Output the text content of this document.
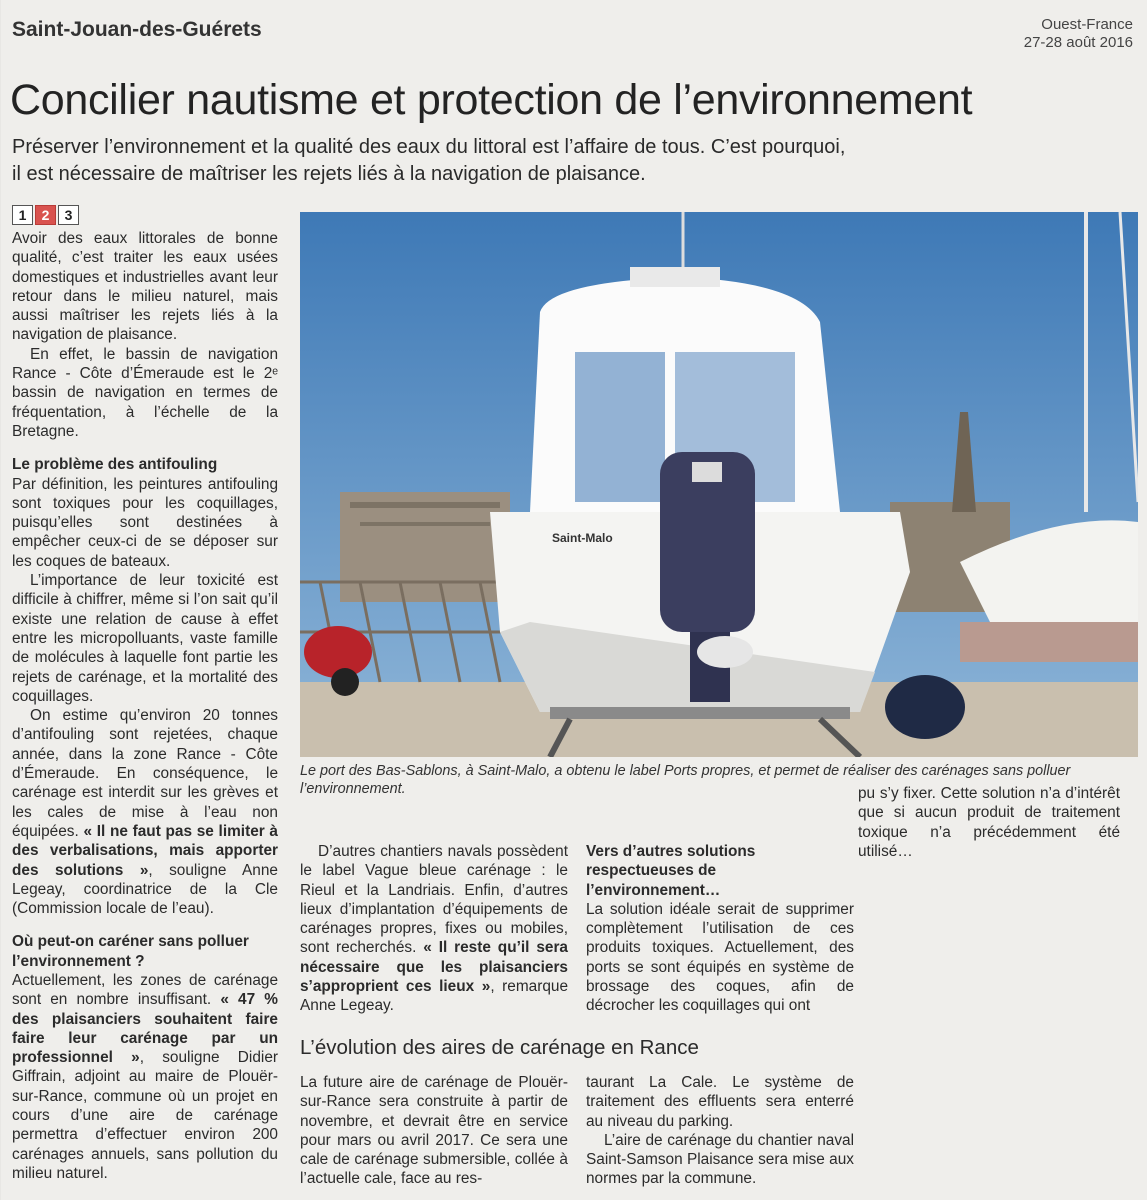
Saint-Jouan-des-Guérets	Ouest-France
27-28 août 2016
Concilier nautisme et protection de l’environnement

Préserver l’environnement et la qualité des eaux du littoral est l’affaire de tous. C’est pourquoi,

il est nécessaire de maîtriser les rejets liés à la navigation de plaisance.

1	2	3

Avoir des eaux littorales de bonne qualité, c’est traiter les eaux usées domestiques et industrielles avant leur retour dans le milieu naturel, mais aussi maîtriser les rejets liés à la navigation de plaisance.

En effet, le bassin de navigation Rance - Côte d’Émeraude est le 2ᵉ bassin de navigation en termes de fréquentation, à l’échelle de la Bretagne.

Le problème des antifouling

Par définition, les peintures antifouling sont toxiques pour les coquillages, puisqu’elles sont destinées à empêcher ceux-ci de se déposer sur les coques de bateaux.

L’importance de leur toxicité est difficile à chiffrer, même si l’on sait qu’il existe une relation de cause à effet entre les micropolluants, vaste famille de molécules à laquelle font partie les rejets de carénage, et la mortalité des coquillages.

On estime qu’environ 20 tonnes d’antifouling sont rejetées, chaque année, dans la zone Rance - Côte d’Émeraude. En conséquence, le carénage est interdit sur les grèves et les cales de mise à l’eau non équipées. « Il ne faut pas se limiter à des verbalisations, mais apporter des solutions », souligne Anne Legeay, coordinatrice de la Cle (Commission locale de l’eau).

Où peut-on caréner sans polluer l’environnement ?

Actuellement, les zones de carénage sont en nombre insuffisant. « 47 % des plaisanciers souhaitent faire faire leur carénage par un professionnel », souligne Didier Giffrain, adjoint au maire de Plouër-sur-Rance, commune où un projet en cours d’une aire de carénage permettra d’effectuer environ 200 carénages annuels, sans pollution du milieu naturel.

Saint-Malo
Le port des Bas-Sablons, à Saint-Malo, a obtenu le label Ports propres, et permet de réaliser des carénages sans polluer l’environnement.

D’autres chantiers navals possèdent le label Vague bleue carénage : le Rieul et la Landriais. Enfin, d’autres lieux d’implantation d’équipements de carénages propres, fixes ou mobiles, sont recherchés. « Il reste qu’il sera nécessaire que les plaisanciers s’approprient ces lieux », remarque Anne Legeay.

Vers d’autres solutions respectueuses de l’environnement…

La solution idéale serait de supprimer complètement l’utilisation de ces produits toxiques. Actuellement, des ports se sont équipés en système de brossage des coques, afin de décrocher les coquillages qui ont

pu s’y fixer. Cette solution n’a d’intérêt que si aucun produit de traitement toxique n’a précédemment été utilisé…

L’évolution des aires de carénage en Rance

La future aire de carénage de Plouër-sur-Rance sera construite à partir de novembre, et devrait être en service pour mars ou avril 2017. Ce sera une cale de carénage submersible, collée à l’actuelle cale, face au res-

taurant La Cale. Le système de traitement des effluents sera enterré au niveau du parking.

L’aire de carénage du chantier naval Saint-Samson Plaisance sera mise aux normes par la commune.
